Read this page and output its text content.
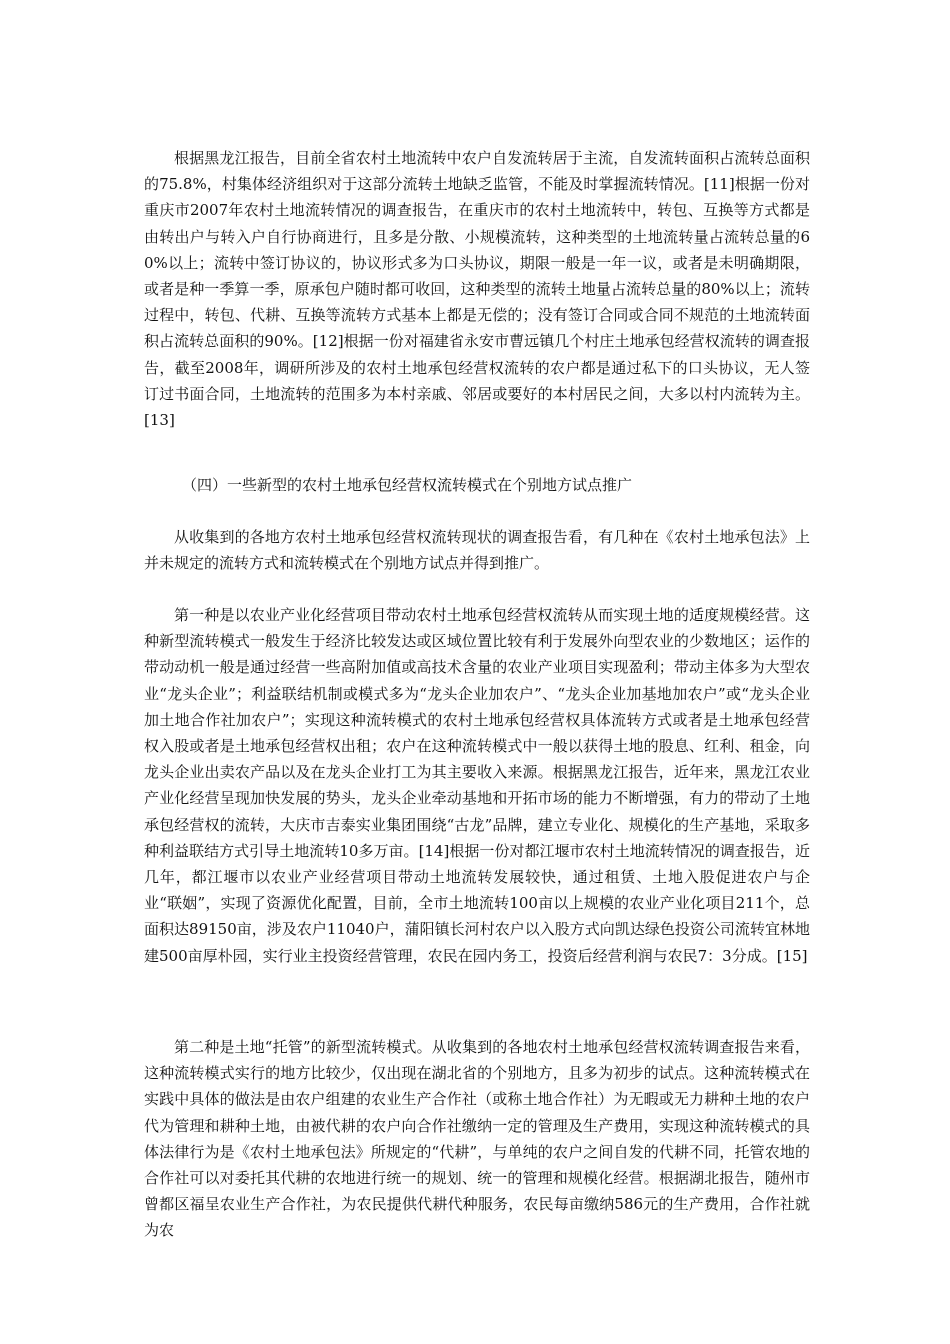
根据黑龙江报告，目前全省农村土地流转中农户自发流转居于主流，自发流转面积占流转总面积的75.8%，村集体经济组织对于这部分流转土地缺乏监管，不能及时掌握流转情况。[11]根据一份对重庆市2007年农村土地流转情况的调查报告，在重庆市的农村土地流转中，转包、互换等方式都是由转出户与转入户自行协商进行，且多是分散、小规模流转，这种类型的土地流转量占流转总量的60%以上；流转中签订协议的，协议形式多为口头协议，期限一般是一年一议，或者是未明确期限，或者是种一季算一季，原承包户随时都可收回，这种类型的流转土地量占流转总量的80%以上；流转过程中，转包、代耕、互换等流转方式基本上都是无偿的；没有签订合同或合同不规范的土地流转面积占流转总面积的90%。[12]根据一份对福建省永安市曹远镇几个村庄土地承包经营权流转的调查报告，截至2008年，调研所涉及的农村土地承包经营权流转的农户都是通过私下的口头协议，无人签订过书面合同，土地流转的范围多为本村亲戚、邻居或要好的本村居民之间，大多以村内流转为主。[13]

（四）一些新型的农村土地承包经营权流转模式在个别地方试点推广

从收集到的各地方农村土地承包经营权流转现状的调查报告看，有几种在《农村土地承包法》上并未规定的流转方式和流转模式在个别地方试点并得到推广。

第一种是以农业产业化经营项目带动农村土地承包经营权流转从而实现土地的适度规模经营。这种新型流转模式一般发生于经济比较发达或区域位置比较有利于发展外向型农业的少数地区；运作的带动动机一般是通过经营一些高附加值或高技术含量的农业产业项目实现盈利；带动主体多为大型农业“龙头企业”；利益联结机制或模式多为“龙头企业加农户”、“龙头企业加基地加农户”或“龙头企业加土地合作社加农户”；实现这种流转模式的农村土地承包经营权具体流转方式或者是土地承包经营权入股或者是土地承包经营权出租；农户在这种流转模式中一般以获得土地的股息、红利、租金，向龙头企业出卖农产品以及在龙头企业打工为其主要收入来源。根据黑龙江报告，近年来，黑龙江农业产业化经营呈现加快发展的势头，龙头企业牵动基地和开拓市场的能力不断增强，有力的带动了土地承包经营权的流转，大庆市吉泰实业集团围绕“古龙”品牌，建立专业化、规模化的生产基地，采取多种利益联结方式引导土地流转10多万亩。[14]根据一份对都江堰市农村土地流转情况的调查报告，近几年，都江堰市以农业产业经营项目带动土地流转发展较快，通过租赁、土地入股促进农户与企业“联姻”，实现了资源优化配置，目前，全市土地流转100亩以上规模的农业产业化项目211个，总面积达89150亩，涉及农户11040户，蒲阳镇长河村农户以入股方式向凯达绿色投资公司流转宜林地建500亩厚朴园，实行业主投资经营管理，农民在园内务工，投资后经营利润与农民7：3分成。[15]

第二种是土地“托管”的新型流转模式。从收集到的各地农村土地承包经营权流转调查报告来看，这种流转模式实行的地方比较少，仅出现在湖北省的个别地方，且多为初步的试点。这种流转模式在实践中具体的做法是由农户组建的农业生产合作社（或称土地合作社）为无暇或无力耕种土地的农户代为管理和耕种土地，由被代耕的农户向合作社缴纳一定的管理及生产费用，实现这种流转模式的具体法律行为是《农村土地承包法》所规定的“代耕”，与单纯的农户之间自发的代耕不同，托管农地的合作社可以对委托其代耕的农地进行统一的规划、统一的管理和规模化经营。根据湖北报告，随州市曾都区福呈农业生产合作社，为农民提供代耕代种服务，农民每亩缴纳586元的生产费用，合作社就为农
